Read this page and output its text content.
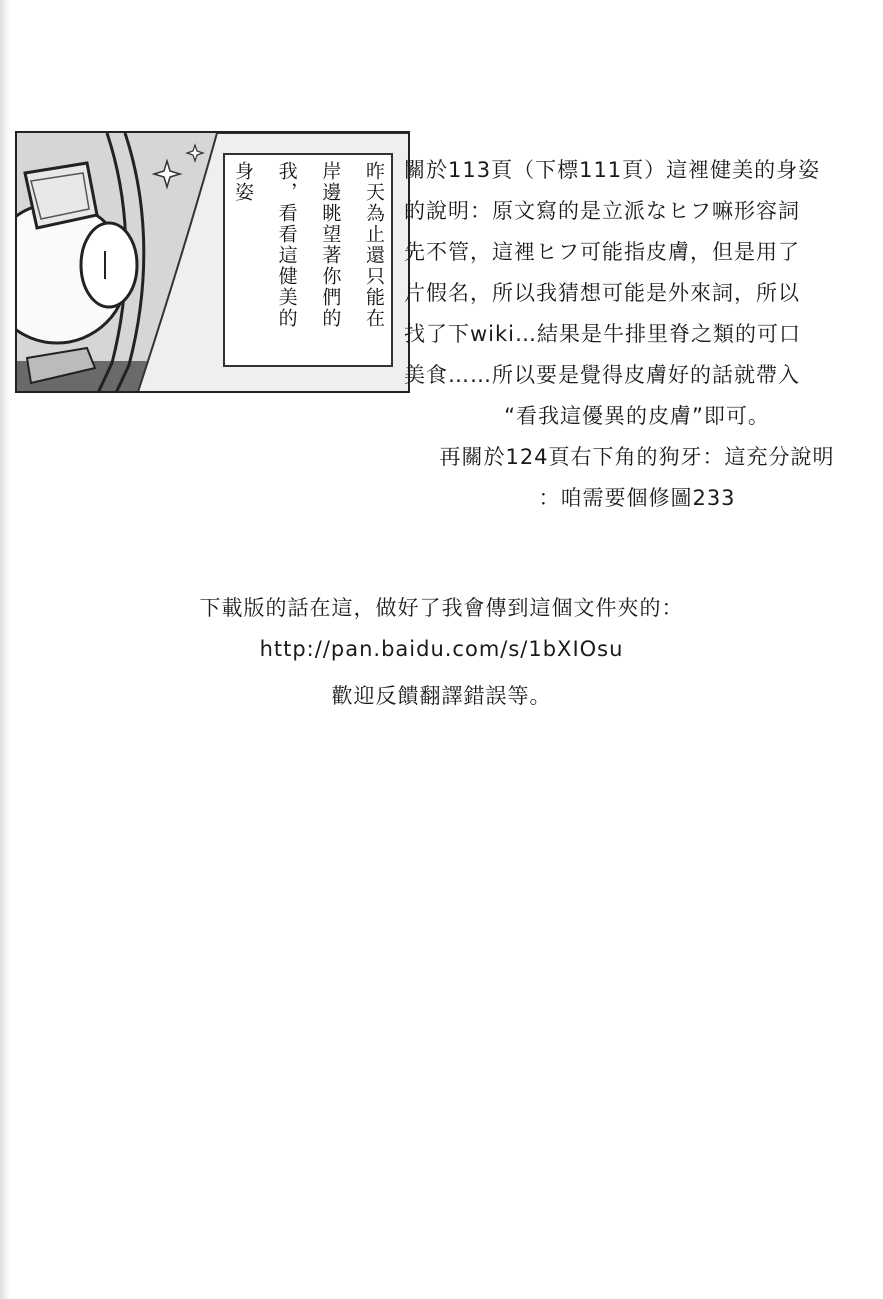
昨天為止還只能在
岸邊眺望著你們的
我，看看這健美的
身姿	關於113頁（下標111頁）這裡健美的身姿
的說明：原文寫的是立派なヒフ嘛形容詞
先不管，這裡ヒフ可能指皮膚，但是用了
片假名，所以我猜想可能是外來詞，所以
找了下wiki…結果是牛排里脊之類的可口
美食……所以要是覺得皮膚好的話就帶入
“看我這優異的皮膚”即可。
再關於124頁右下角的狗牙：這充分說明
：咱需要個修圖233
下載版的話在這，做好了我會傳到這個文件夾的：
http://pan.baidu.com/s/1bXIOsu
歡迎反饋翻譯錯誤等。
